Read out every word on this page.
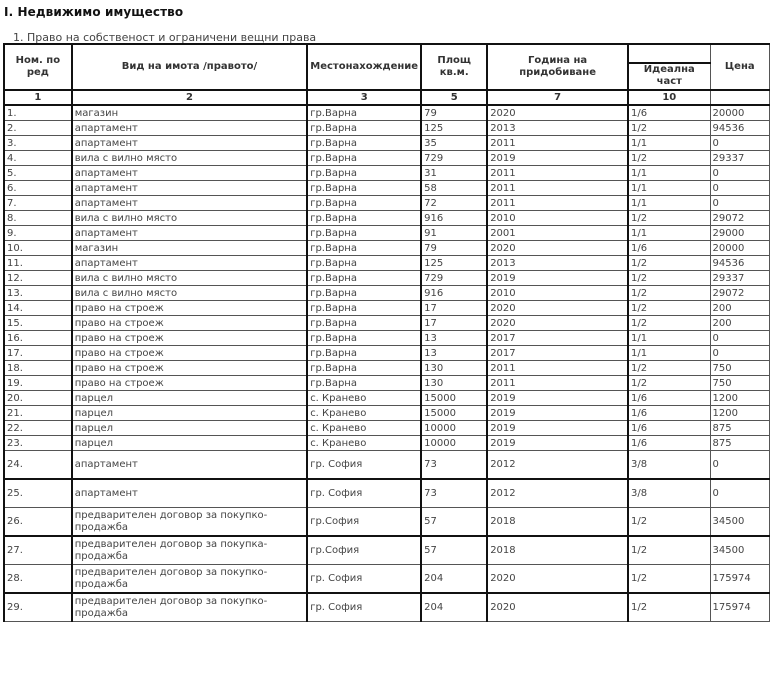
I. Недвижимо имущество
1. Право на собственост и ограничени вещни права
Ном. по ред	Вид на имота /правото/	Местонахождение	Площ кв.м.	Година на придобиване		Цена
					Идеална част	
1	2	3	5	7	10	
1.	магазин	гр.Варна	79	2020	1/6	20000
2.	апартамент	гр.Варна	125	2013	1/2	94536
3.	апартамент	гр.Варна	35	2011	1/1	0
4.	вила с вилно място	гр.Варна	729	2019	1/2	29337
5.	апартамент	гр.Варна	31	2011	1/1	0
6.	апартамент	гр.Варна	58	2011	1/1	0
7.	апартамент	гр.Варна	72	2011	1/1	0
8.	вила с вилно място	гр.Варна	916	2010	1/2	29072
9.	апартамент	гр.Варна	91	2001	1/1	29000
10.	магазин	гр.Варна	79	2020	1/6	20000
11.	апартамент	гр.Варна	125	2013	1/2	94536
12.	вила с вилно място	гр.Варна	729	2019	1/2	29337
13.	вила с вилно място	гр.Варна	916	2010	1/2	29072
14.	право на строеж	гр.Варна	17	2020	1/2	200
15.	право на строеж	гр.Варна	17	2020	1/2	200
16.	право на строеж	гр.Варна	13	2017	1/1	0
17.	право на строеж	гр.Варна	13	2017	1/1	0
18.	право на строеж	гр.Варна	130	2011	1/2	750
19.	право на строеж	гр.Варна	130	2011	1/2	750
20.	парцел	с. Кранево	15000	2019	1/6	1200
21.	парцел	с. Кранево	15000	2019	1/6	1200
22.	парцел	с. Кранево	10000	2019	1/6	875
23.	парцел	с. Кранево	10000	2019	1/6	875
24.	апартамент	гр. София	73	2012	3/8	0
25.	апартамент	гр. София	73	2012	3/8	0
26.	предварителен договор за покупко-продажба	гр.София	57	2018	1/2	34500
27.	предварителен договор за покупка-продажба	гр.София	57	2018	1/2	34500
28.	предварителен договор за покупко-продажба	гр. София	204	2020	1/2	175974
29.	предварителен договор за покупко-продажба	гр. София	204	2020	1/2	175974
